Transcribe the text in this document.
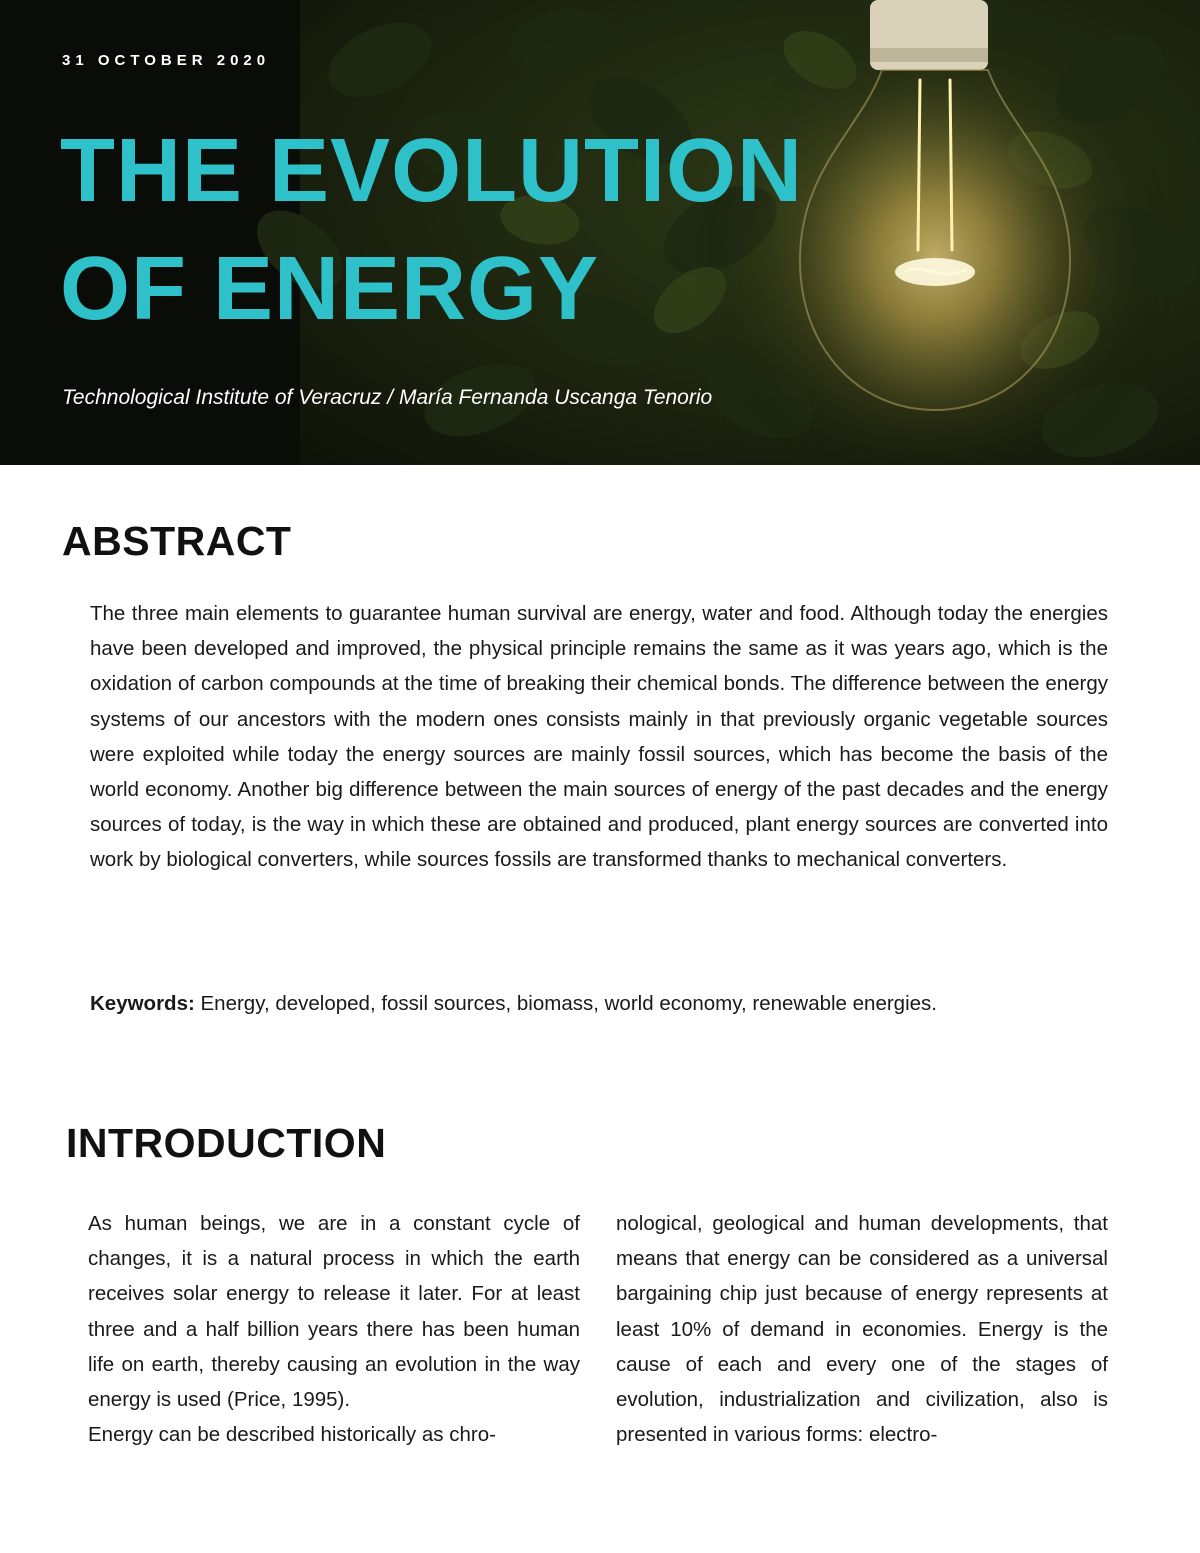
31 OCTOBER 2020
THE EVOLUTION
OF ENERGY
Technological Institute of Veracruz / María Fernanda Uscanga Tenorio
ABSTRACT

The three main elements to guarantee human survival are energy, water and food. Although today the energies have been developed and improved, the physical principle remains the same as it was years ago, which is the oxidation of carbon compounds at the time of breaking their chemical bonds. The difference between the energy systems of our ancestors with the modern ones consists mainly in that previously organic vegetable sources were exploited while today the energy sources are mainly fossil sources, which has become the basis of the world economy. Another big difference between the main sources of energy of the past decades and the energy sources of today, is the way in which these are obtained and produced, plant energy sources are converted into work by biological converters, while sources fossils are transformed thanks to mechanical converters.

Keywords: Energy, developed, fossil sources, biomass, world economy, renewable energies.

INTRODUCTION

As human beings, we are in a constant cycle of changes, it is a natural process in which the earth receives solar energy to release it later. For at least three and a half billion years there has been human life on earth, thereby causing an evolution in the way energy is used (Price, 1995).

Energy can be described historically as chro-

nological, geological and human developments, that means that energy can be considered as a universal bargaining chip just because of energy represents at least 10% of demand in economies. Energy is the cause of each and every one of the stages of evolution, industrialization and civilization, also is presented in various forms: electro-
